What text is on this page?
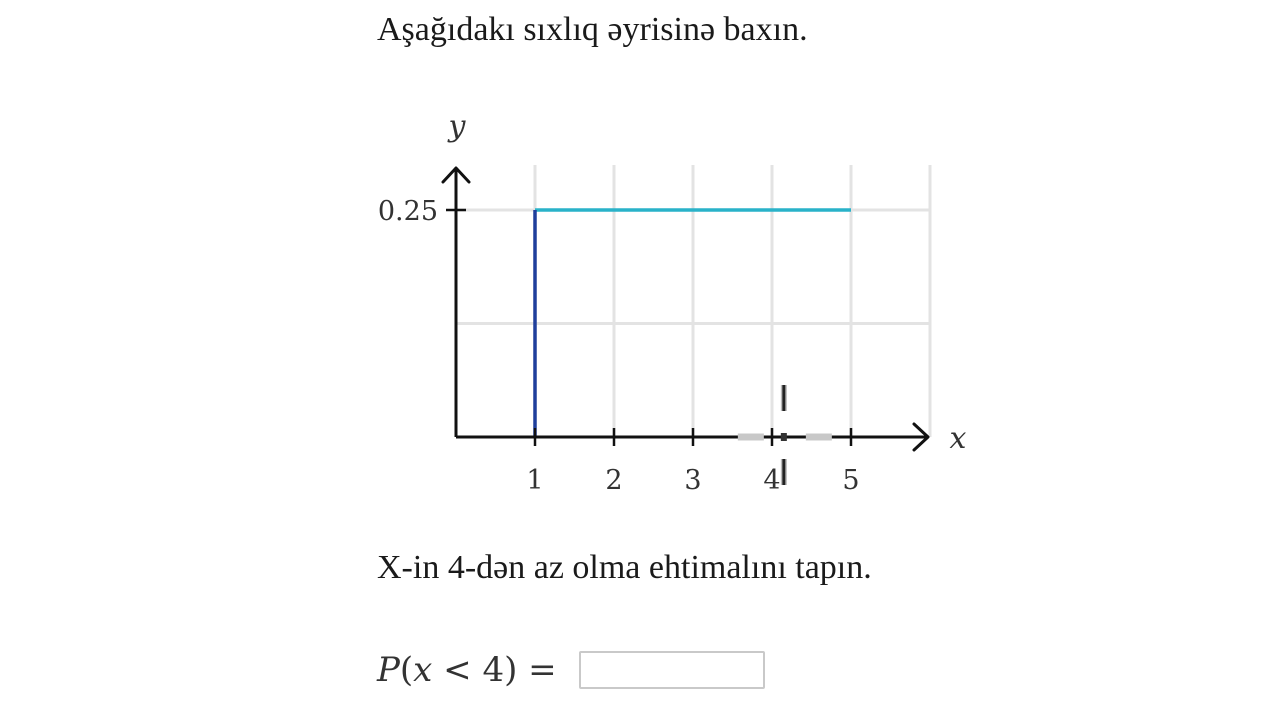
Aşağıdakı sıxlıq əyrisinə baxın.
1 2 3 4 5
0.25
y
x
X-in 4-dən az olma ehtimalını tapın.
P(x < 4) =
